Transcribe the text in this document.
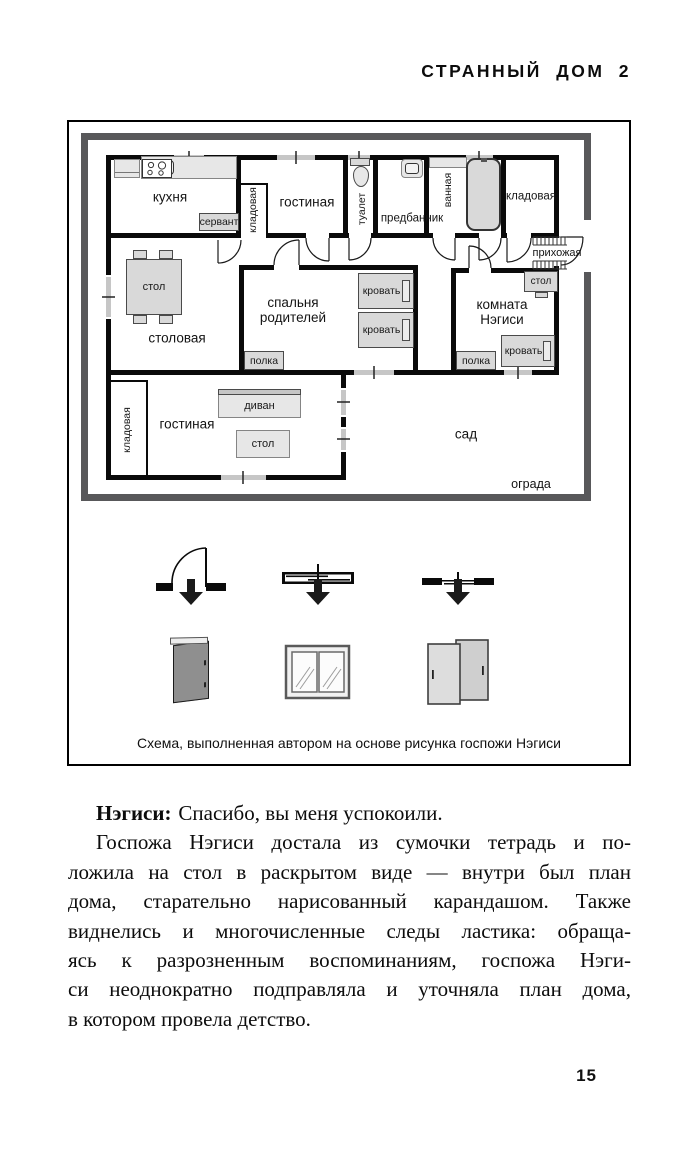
СТРАННЫЙ ДОМ 2
сервант
стол	кровать
кровать
полка
стол
кровать
полка
диван
стол
кухня	кладовая гостиная туалет предбанник
ванная	кладовая
прихожая
столовая
спальня
родителей
комната
Нэгиси
кладовая гостиная
сад
ограда
Схема, выполненная автором на основе рисунка госпожи Нэгиси
Нэгиси: Спасибо, вы меня успокоили.
Госпожа Нэгиси достала из сумочки тетрадь и по-
ложила на стол в раскрытом виде — внутри был план
дома, старательно нарисованный карандашом. Также
виднелись и многочисленные следы ластика: обраща-
ясь к разрозненным воспоминаниям, госпожа Нэги-
си неоднократно подправляла и уточняла план дома,
в котором провела детство.
15
